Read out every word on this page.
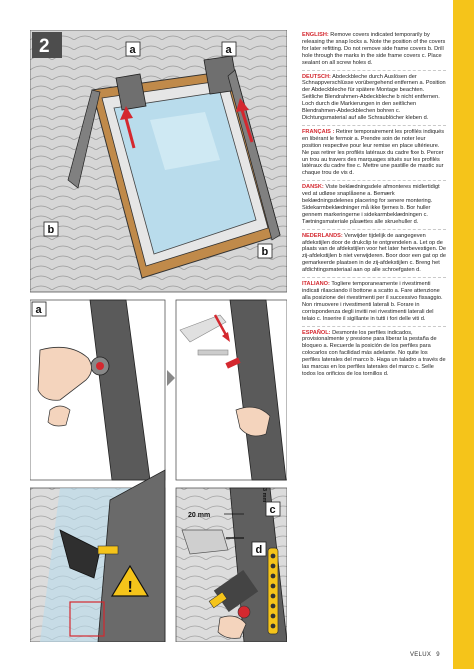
2	a	a
b
b
a
c
d
20 mm
3 mm
!
ENGLISH: Remove covers indicated temporarily by releasing the snap locks a. Note the position of the covers for later refitting. Do not remove side frame covers b. Drill hole through the marks in the side frame covers c. Place sealant on all screw holes d.
DEUTSCH: Abdeckbleche durch Auslösen der Schnappverschlüsse vorübergehend entfernen a. Position der Abdeckbleche für spätere Montage beachten. Seitliche Blendrahmen-Abdeckbleche b nicht entfernen. Loch durch die Markierungen in den seitlichen Blendrahmen-Abdeckblechen bohren c. Dichtungsmaterial auf alle Schraublöcher kleben d.
FRANÇAIS : Retirer temporairement les profilés indiqués en libérant le fermoir a. Prendre soin de noter leur position respective pour leur remise en place ultérieure. Ne pas retirer les profilés latéraux du cadre fixe b. Percer un trou au travers des marquages situés sur les profilés latéraux du cadre fixe c. Mettre une pastille de mastic sur chaque trou de vis d.
DANSK: Viste beklædningsdele afmonteres midlertidigt ved at udløse snaplåsene a. Bemærk beklædningsdelenes placering for senere montering. Sidekarmbeklædninger må ikke fjernes b. Bor huller gennem markeringerne i sidekarmbeklædningen c. Tætningsmateriale påsættes alle skruehuller d.
NEDERLANDS: Verwijder tijdelijk de aangegeven afdekstijlen door de drukclip te ontgrendelen a. Let op de plaats van de afdekstijlen voor het later herbevestigen. De zij-afdekstijlen b niet verwijderen. Boor door een gat op de gemarkeerde plaatsen in de zij-afdekstijlen c. Breng het afdichtingsmateriaal aan op alle schroefgaten d.
ITALIANO: Togliere temporaneamente i rivestimenti indicati rilasciando il bottone a scatto a. Fare attenzione alla posizione dei rivestimenti per il successivo fissaggio. Non rimuovere i rivestimenti laterali b. Forare in corrispondenza degli invitii nei rivestimenti laterali del telaio c. Inserire il sigillante in tutti i fori delle viti d.
ESPAÑOL: Desmonte los perfiles indicados, provisionalmente y presione para liberar la pestaña de bloqueo a. Recuerde la posición de los perfiles para colocarlos con facilidad más adelante. No quite los perfiles laterales del marco b. Haga un taladro a través de las marcas en los perfiles laterales del marco c. Selle todos los orificios de los tornillos d.
VELUX 9
